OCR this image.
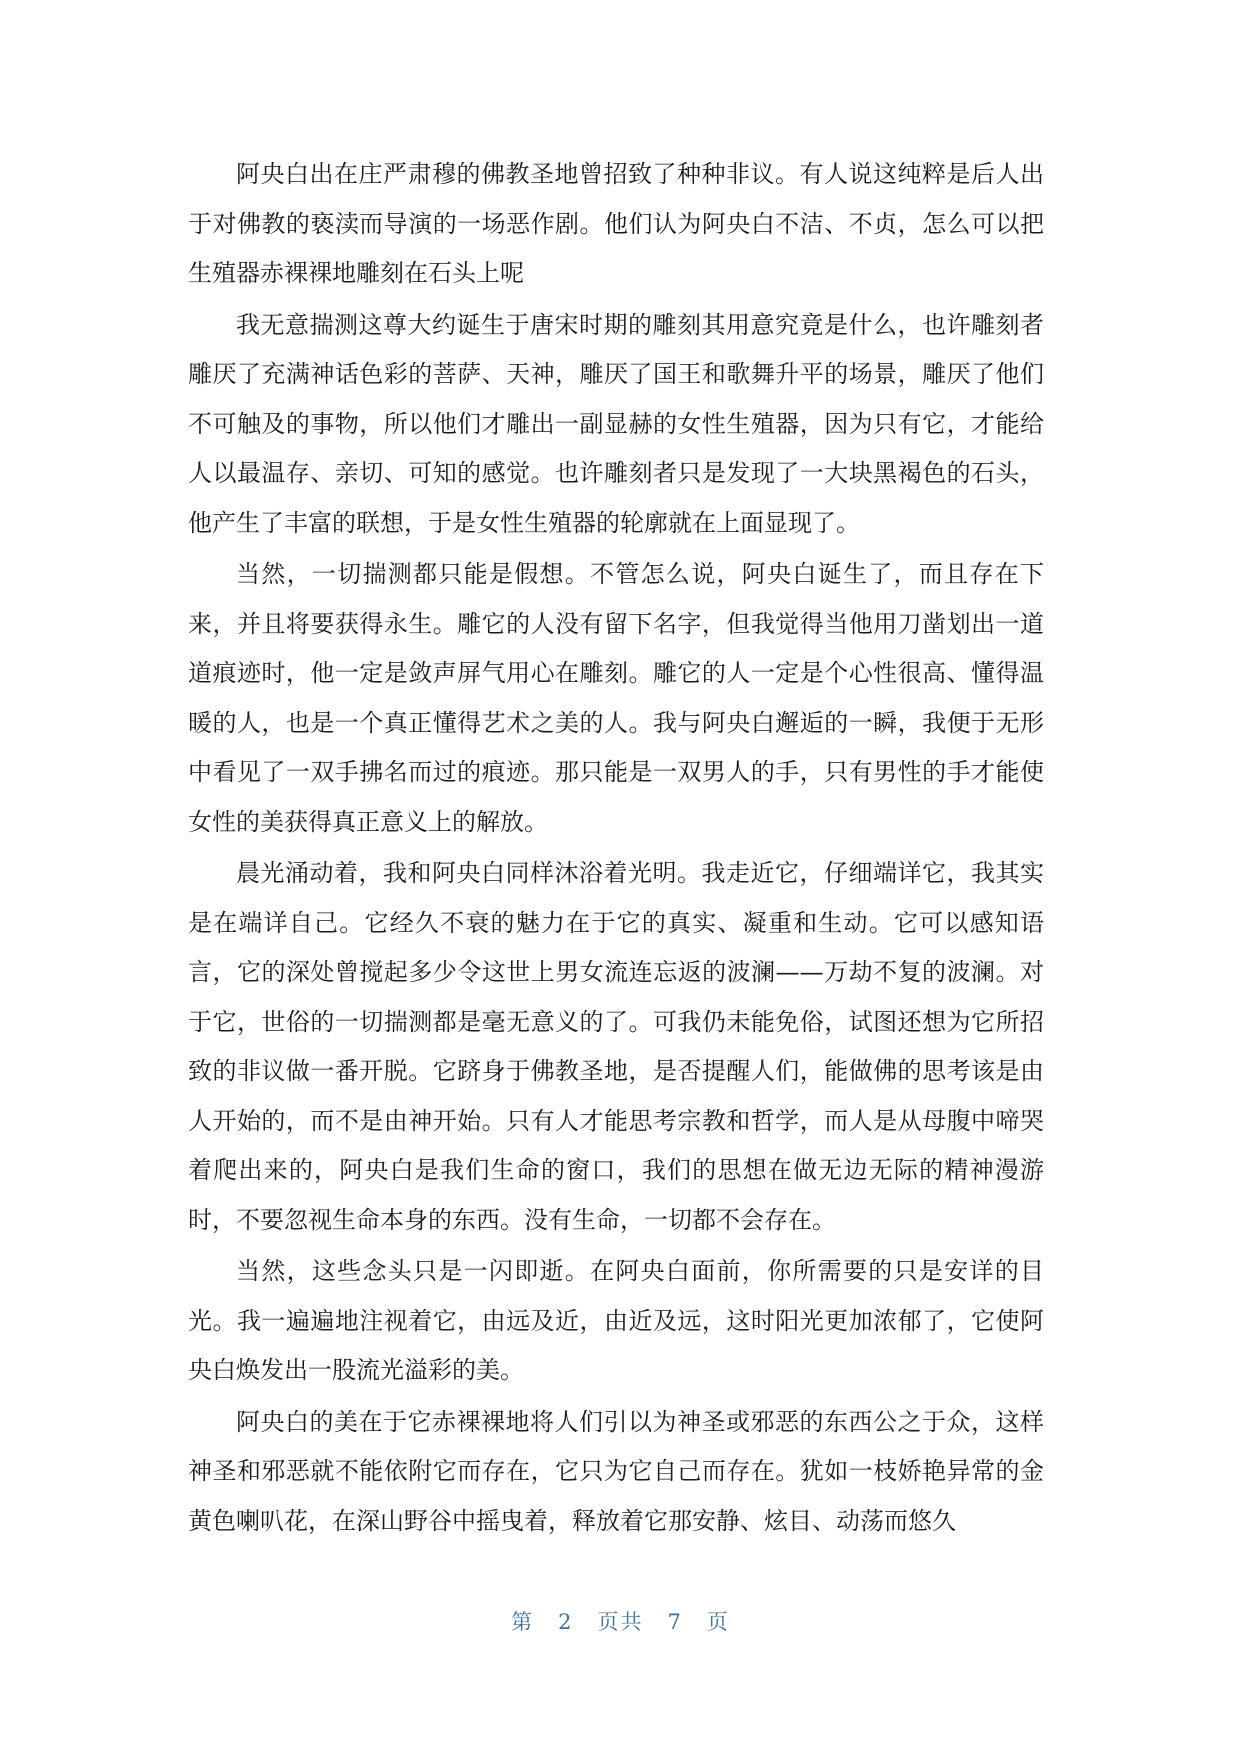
阿央白出在庄严肃穆的佛教圣地曾招致了种种非议。有人说这纯粹是后人出于对佛教的亵渎而导演的一场恶作剧。他们认为阿央白不洁、不贞，怎么可以把生殖器赤裸裸地雕刻在石头上呢

我无意揣测这尊大约诞生于唐宋时期的雕刻其用意究竟是什么，也许雕刻者雕厌了充满神话色彩的菩萨、天神，雕厌了国王和歌舞升平的场景，雕厌了他们不可触及的事物，所以他们才雕出一副显赫的女性生殖器，因为只有它，才能给人以最温存、亲切、可知的感觉。也许雕刻者只是发现了一大块黑褐色的石头，他产生了丰富的联想，于是女性生殖器的轮廓就在上面显现了。

当然，一切揣测都只能是假想。不管怎么说，阿央白诞生了，而且存在下来，并且将要获得永生。雕它的人没有留下名字，但我觉得当他用刀凿划出一道道痕迹时，他一定是敛声屏气用心在雕刻。雕它的人一定是个心性很高、懂得温暖的人，也是一个真正懂得艺术之美的人。我与阿央白邂逅的一瞬，我便于无形中看见了一双手拂名而过的痕迹。那只能是一双男人的手，只有男性的手才能使女性的美获得真正意义上的解放。

晨光涌动着，我和阿央白同样沐浴着光明。我走近它，仔细端详它，我其实是在端详自己。它经久不衰的魅力在于它的真实、凝重和生动。它可以感知语言，它的深处曾搅起多少令这世上男女流连忘返的波澜——万劫不复的波澜。对于它，世俗的一切揣测都是毫无意义的了。可我仍未能免俗，试图还想为它所招致的非议做一番开脱。它跻身于佛教圣地，是否提醒人们，能做佛的思考该是由人开始的，而不是由神开始。只有人才能思考宗教和哲学，而人是从母腹中啼哭着爬出来的，阿央白是我们生命的窗口，我们的思想在做无边无际的精神漫游时，不要忽视生命本身的东西。没有生命，一切都不会存在。

当然，这些念头只是一闪即逝。在阿央白面前，你所需要的只是安详的目光。我一遍遍地注视着它，由远及近，由近及远，这时阳光更加浓郁了，它使阿央白焕发出一股流光溢彩的美。

阿央白的美在于它赤裸裸地将人们引以为神圣或邪恶的东西公之于众，这样神圣和邪恶就不能依附它而存在，它只为它自己而存在。犹如一枝娇艳异常的金黄色喇叭花，在深山野谷中摇曳着，释放着它那安静、炫目、动荡而悠久

第 2 页共 7 页
